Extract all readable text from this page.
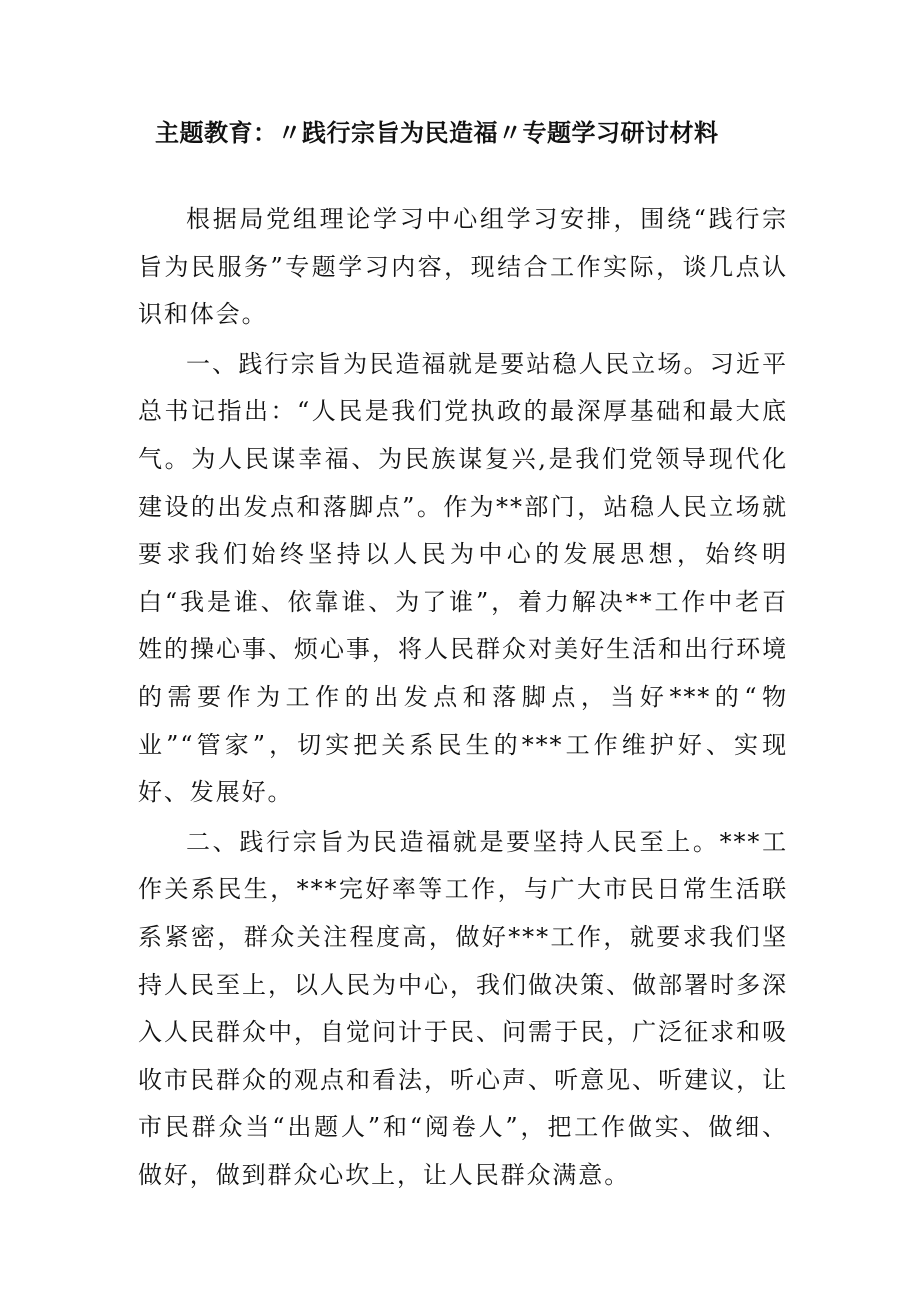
主题教育：〃践行宗旨为民造福〃专题学习研讨材料

根据局党组理论学习中心组学习安排，围绕“践行宗旨为民服务”专题学习内容，现结合工作实际，谈几点认识和体会。

一、践行宗旨为民造福就是要站稳人民立场。习近平总书记指出：“人民是我们党执政的最深厚基础和最大底气。为人民谋幸福、为民族谋复兴,是我们党领导现代化建设的出发点和落脚点”。作为**部门，站稳人民立场就要求我们始终坚持以人民为中心的发展思想，始终明白“我是谁、依靠谁、为了谁”，着力解决**工作中老百姓的操心事、烦心事，将人民群众对美好生活和出行环境的需要作为工作的出发点和落脚点，当好***的“物业”“管家”，切实把关系民生的***工作维护好、实现好、发展好。

二、践行宗旨为民造福就是要坚持人民至上。***工作关系民生，***完好率等工作，与广大市民日常生活联系紧密，群众关注程度高，做好***工作，就要求我们坚持人民至上，以人民为中心，我们做决策、做部署时多深入人民群众中，自觉问计于民、问需于民，广泛征求和吸收市民群众的观点和看法，听心声、听意见、听建议，让市民群众当“出题人”和“阅卷人”，把工作做实、做细、做好，做到群众心坎上，让人民群众满意。
